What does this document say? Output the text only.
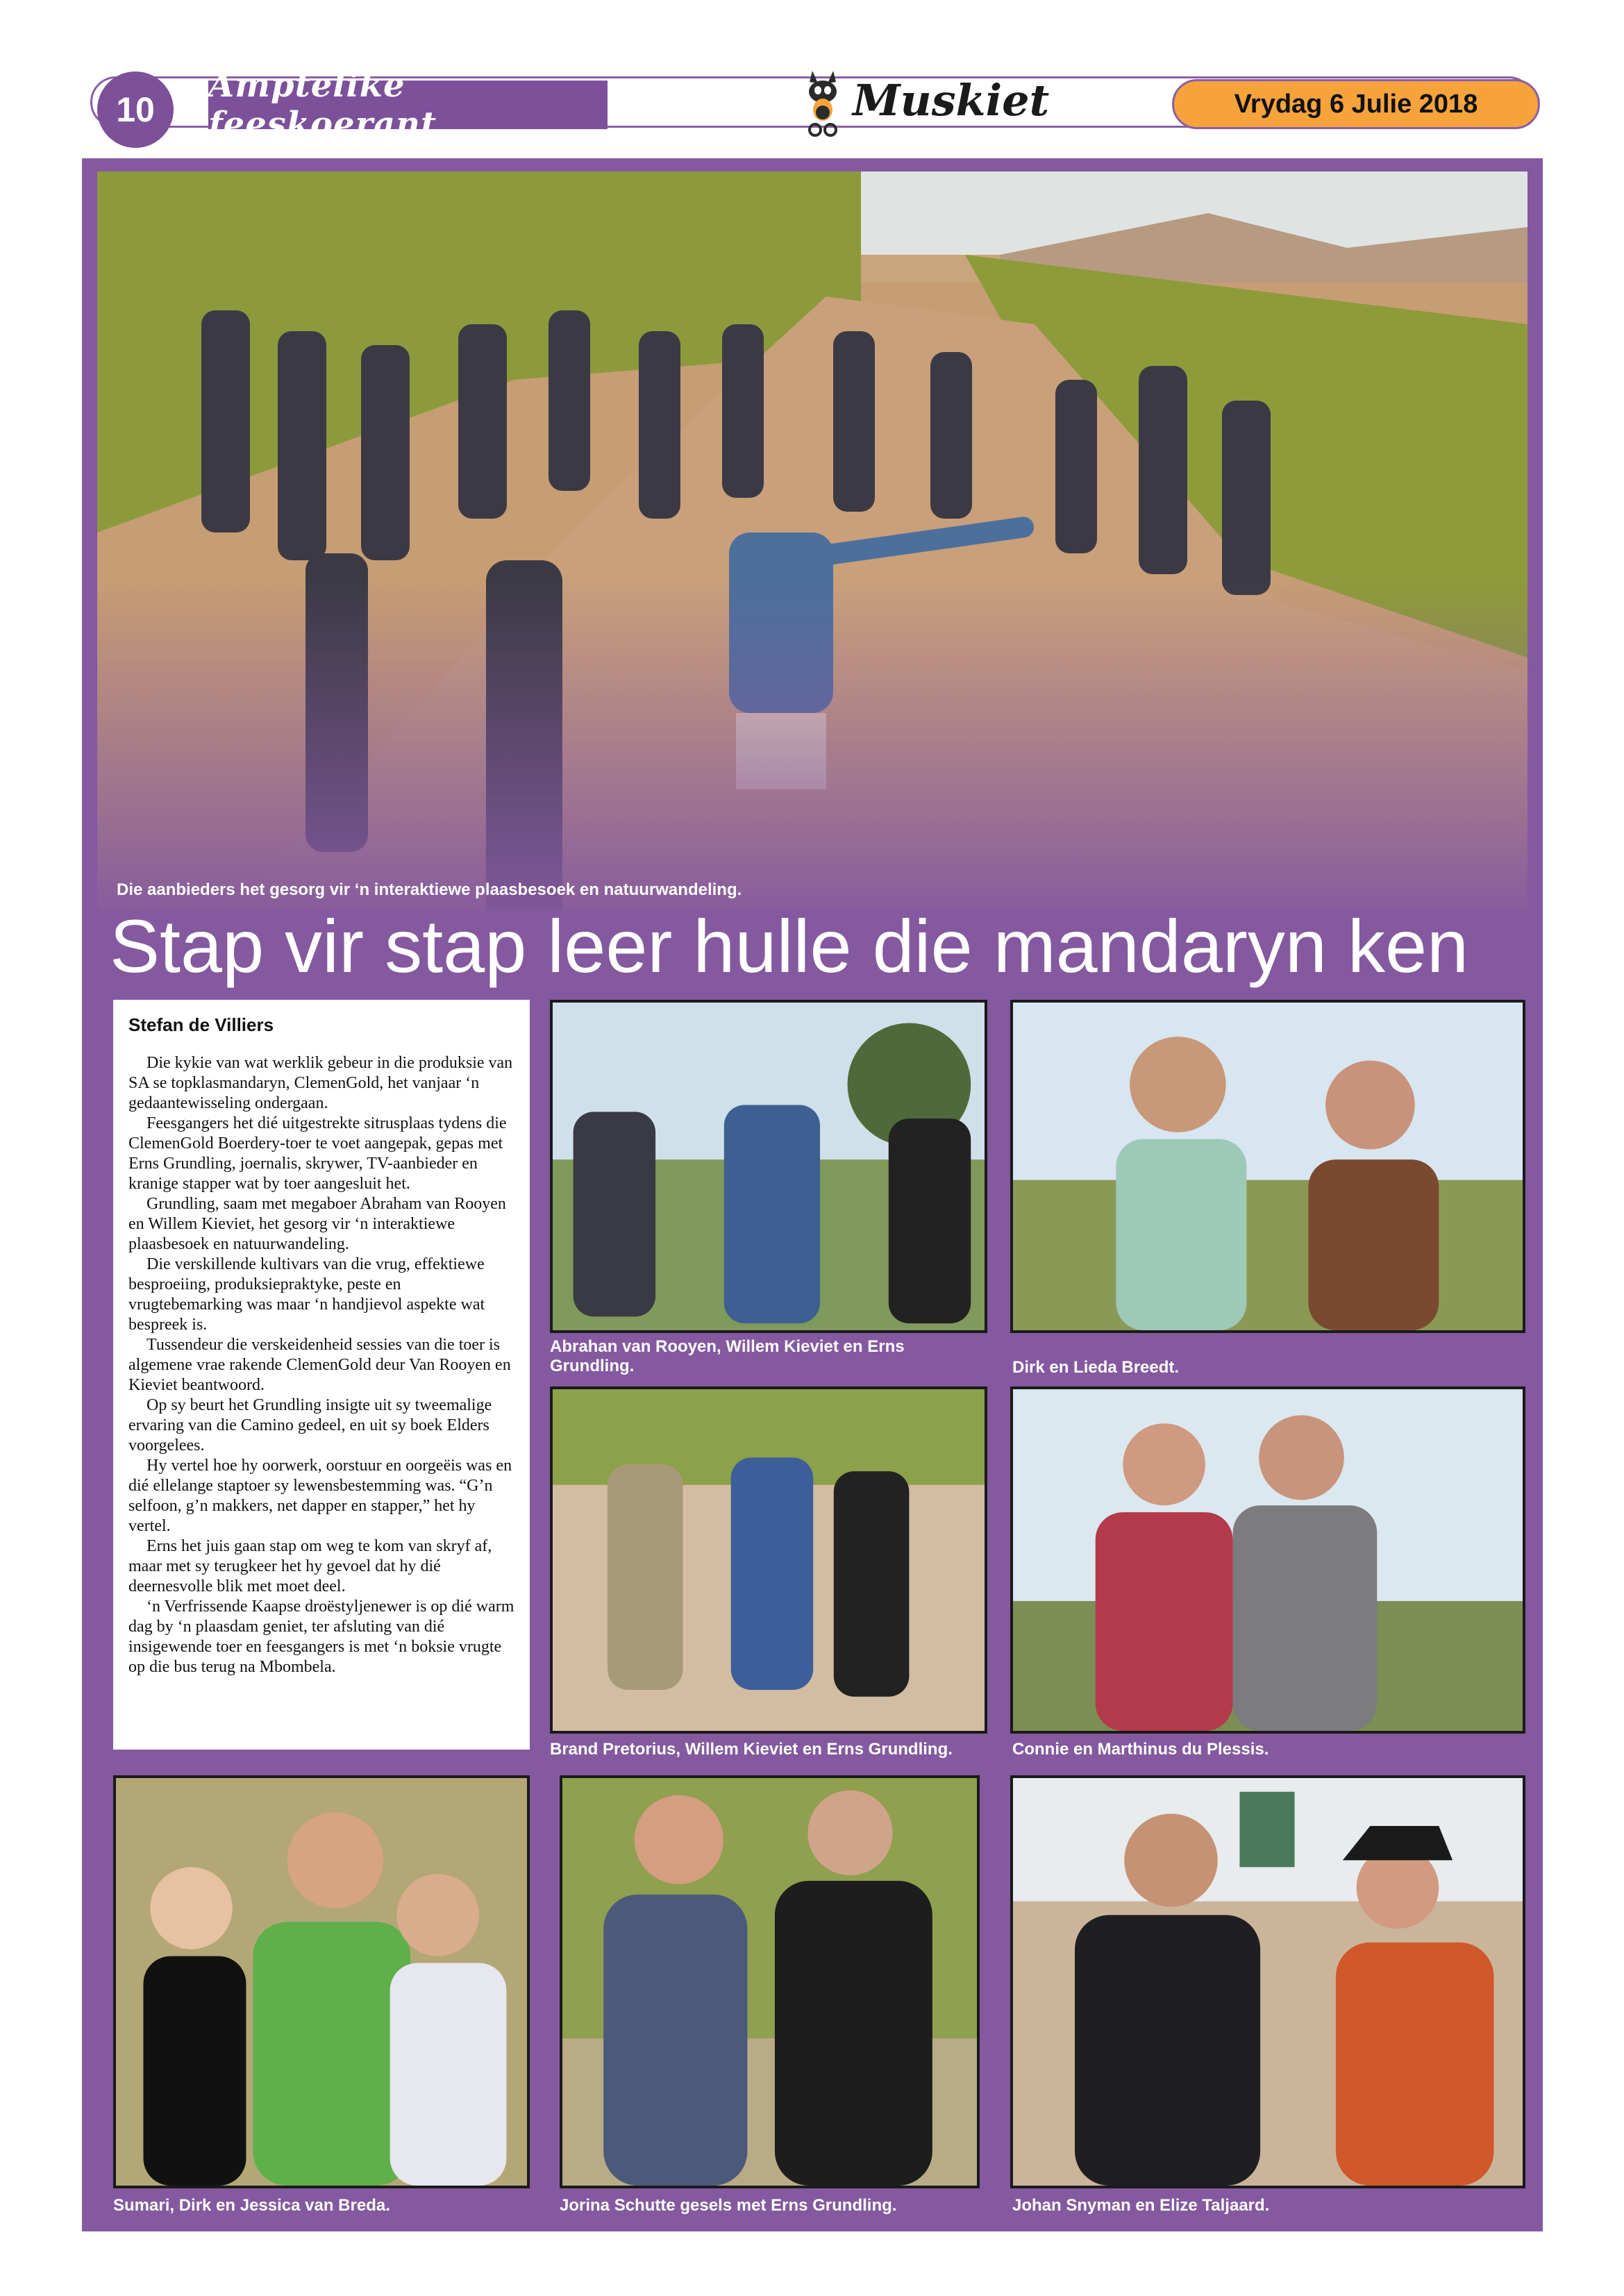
10
Amptelike feeskoerant	Muskiet	Vrydag 6 Julie 2018
Die aanbieders het gesorg vir ‘n interaktiewe plaasbesoek en natuurwandeling.
Stap vir stap leer hulle die mandaryn ken
Stefan de Villiers

Die kykie van wat werklik gebeur in die produksie van SA se topklasmandaryn, ClemenGold, het vanjaar ‘n gedaantewisseling ondergaan.

Feesgangers het dié uitgestrekte sitrusplaas tydens die ClemenGold Boerdery-toer te voet aangepak, gepas met Erns Grundling, joernalis, skrywer, TV-aanbieder en kranige stapper wat by toer aangesluit het.

Grundling, saam met megaboer Abraham van Rooyen en Willem Kieviet, het gesorg vir ‘n interaktiewe plaasbesoek en natuurwandeling.

Die verskillende kultivars van die vrug, effektiewe besproeiing, produksiepraktyke, peste en vrugtebemarking was maar ‘n handjievol aspekte wat bespreek is.

Tussendeur die verskeidenheid sessies van die toer is algemene vrae rakende ClemenGold deur Van Rooyen en Kieviet beantwoord.

Op sy beurt het Grundling insigte uit sy tweemalige ervaring van die Camino gedeel, en uit sy boek Elders voorgelees.

Hy vertel hoe hy oorwerk, oorstuur en oorgeëis was en dié ellelange staptoer sy lewensbestemming was. “G’n selfoon, g’n makkers, net dapper en stapper,” het hy vertel.

Erns het juis gaan stap om weg te kom van skryf af, maar met sy terugkeer het hy gevoel dat hy dié deernesvolle blik met moet deel.

‘n Verfrissende Kaapse droëstyljenewer is op dié warm dag by ‘n plaasdam geniet, ter afsluting van dié insigewende toer en feesgangers is met ‘n boksie vrugte op die bus terug na Mbombela.

Abrahan van Rooyen, Willem Kieviet en Erns Grundling.	Dirk en Lieda Breedt.
Brand Pretorius, Willem Kieviet en Erns Grundling.	Connie en Marthinus du Plessis.
Sumari, Dirk en Jessica van Breda.	Jorina Schutte gesels met Erns Grundling.	Johan Snyman en Elize Taljaard.
